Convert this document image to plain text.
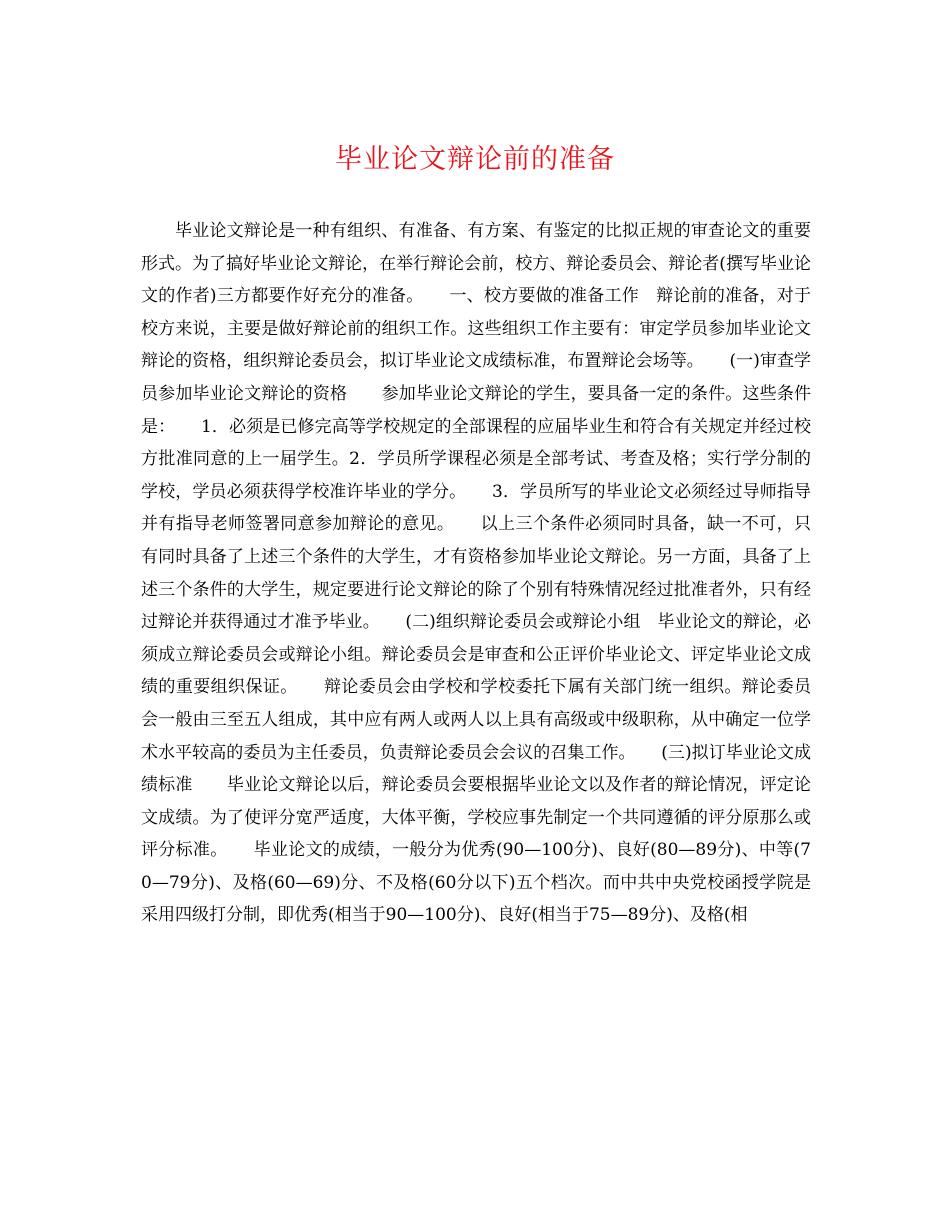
毕业论文辩论前的准备

毕业论文辩论是一种有组织、有准备、有方案、有鉴定的比拟正规的审查论文的重要形式。为了搞好毕业论文辩论，在举行辩论会前，校方、辩论委员会、辩论者(撰写毕业论文的作者)三方都要作好充分的准备。　　一、校方要做的准备工作　辩论前的准备，对于校方来说，主要是做好辩论前的组织工作。这些组织工作主要有：审定学员参加毕业论文辩论的资格，组织辩论委员会，拟订毕业论文成绩标准，布置辩论会场等。　　(一)审查学员参加毕业论文辩论的资格　　参加毕业论文辩论的学生，要具备一定的条件。这些条件是：　　1．必须是已修完高等学校规定的全部课程的应届毕业生和符合有关规定并经过校方批准同意的上一届学生。2．学员所学课程必须是全部考试、考查及格；实行学分制的学校，学员必须获得学校准许毕业的学分。　　3．学员所写的毕业论文必须经过导师指导并有指导老师签署同意参加辩论的意见。　　以上三个条件必须同时具备，缺一不可，只有同时具备了上述三个条件的大学生，才有资格参加毕业论文辩论。另一方面，具备了上述三个条件的大学生，规定要进行论文辩论的除了个别有特殊情况经过批准者外，只有经过辩论并获得通过才准予毕业。　　(二)组织辩论委员会或辩论小组　毕业论文的辩论，必须成立辩论委员会或辩论小组。辩论委员会是审查和公正评价毕业论文、评定毕业论文成绩的重要组织保证。　　辩论委员会由学校和学校委托下属有关部门统一组织。辩论委员会一般由三至五人组成，其中应有两人或两人以上具有高级或中级职称，从中确定一位学术水平较高的委员为主任委员，负责辩论委员会会议的召集工作。　　(三)拟订毕业论文成绩标准　　毕业论文辩论以后，辩论委员会要根据毕业论文以及作者的辩论情况，评定论文成绩。为了使评分宽严适度，大体平衡，学校应事先制定一个共同遵循的评分原那么或评分标准。　　毕业论文的成绩，一般分为优秀(90—100分)、良好(80—89分)、中等(70—79分)、及格(60—69)分、不及格(60分以下)五个档次。而中共中央党校函授学院是采用四级打分制，即优秀(相当于90—100分)、良好(相当于75—89分)、及格(相
